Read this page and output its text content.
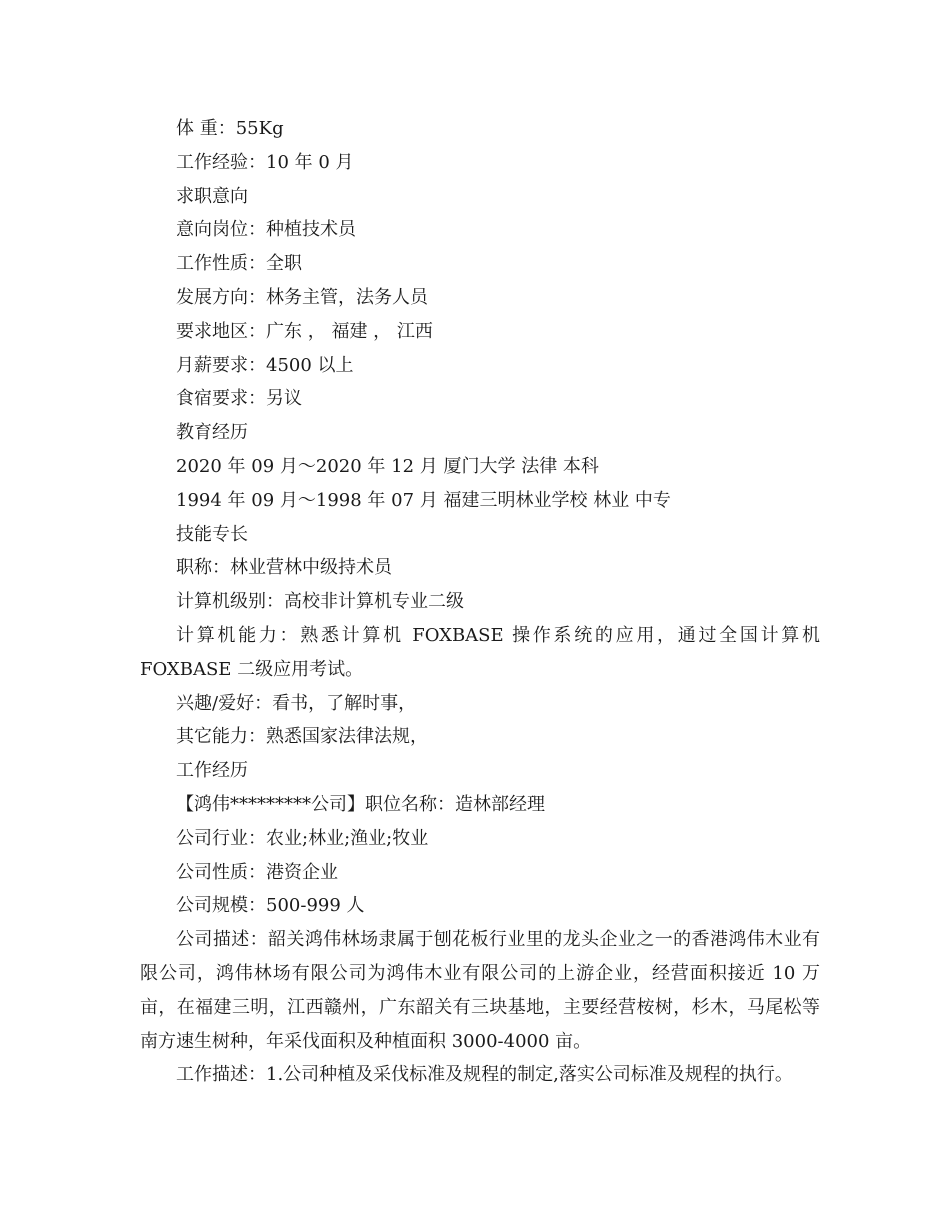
体 重：55Kg

工作经验：10 年 0 月

求职意向

意向岗位：种植技术员

工作性质：全职

发展方向：林务主管，法务人员

要求地区：广东 ， 福建 ， 江西

月薪要求：4500 以上

食宿要求：另议

教育经历

2020 年 09 月～2020 年 12 月 厦门大学 法律 本科

1994 年 09 月～1998 年 07 月 福建三明林业学校 林业 中专

技能专长

职称：林业营林中级持术员

计算机级别：高校非计算机专业二级

计算机能力：熟悉计算机 FOXBASE 操作系统的应用，通过全国计算机 FOXBASE 二级应用考试。

兴趣/爱好：看书，了解时事，

其它能力：熟悉国家法律法规，

工作经历

【鸿伟*********公司】职位名称：造林部经理

公司行业：农业;林业;渔业;牧业

公司性质：港资企业

公司规模：500-999 人

公司描述：韶关鸿伟林场隶属于刨花板行业里的龙头企业之一的香港鸿伟木业有限公司，鸿伟林场有限公司为鸿伟木业有限公司的上游企业，经营面积接近 10 万亩，在福建三明，江西赣州，广东韶关有三块基地，主要经营桉树，杉木，马尾松等南方速生树种，年采伐面积及种植面积 3000-4000 亩。

工作描述：1.公司种植及采伐标准及规程的制定,落实公司标准及规程的执行。
